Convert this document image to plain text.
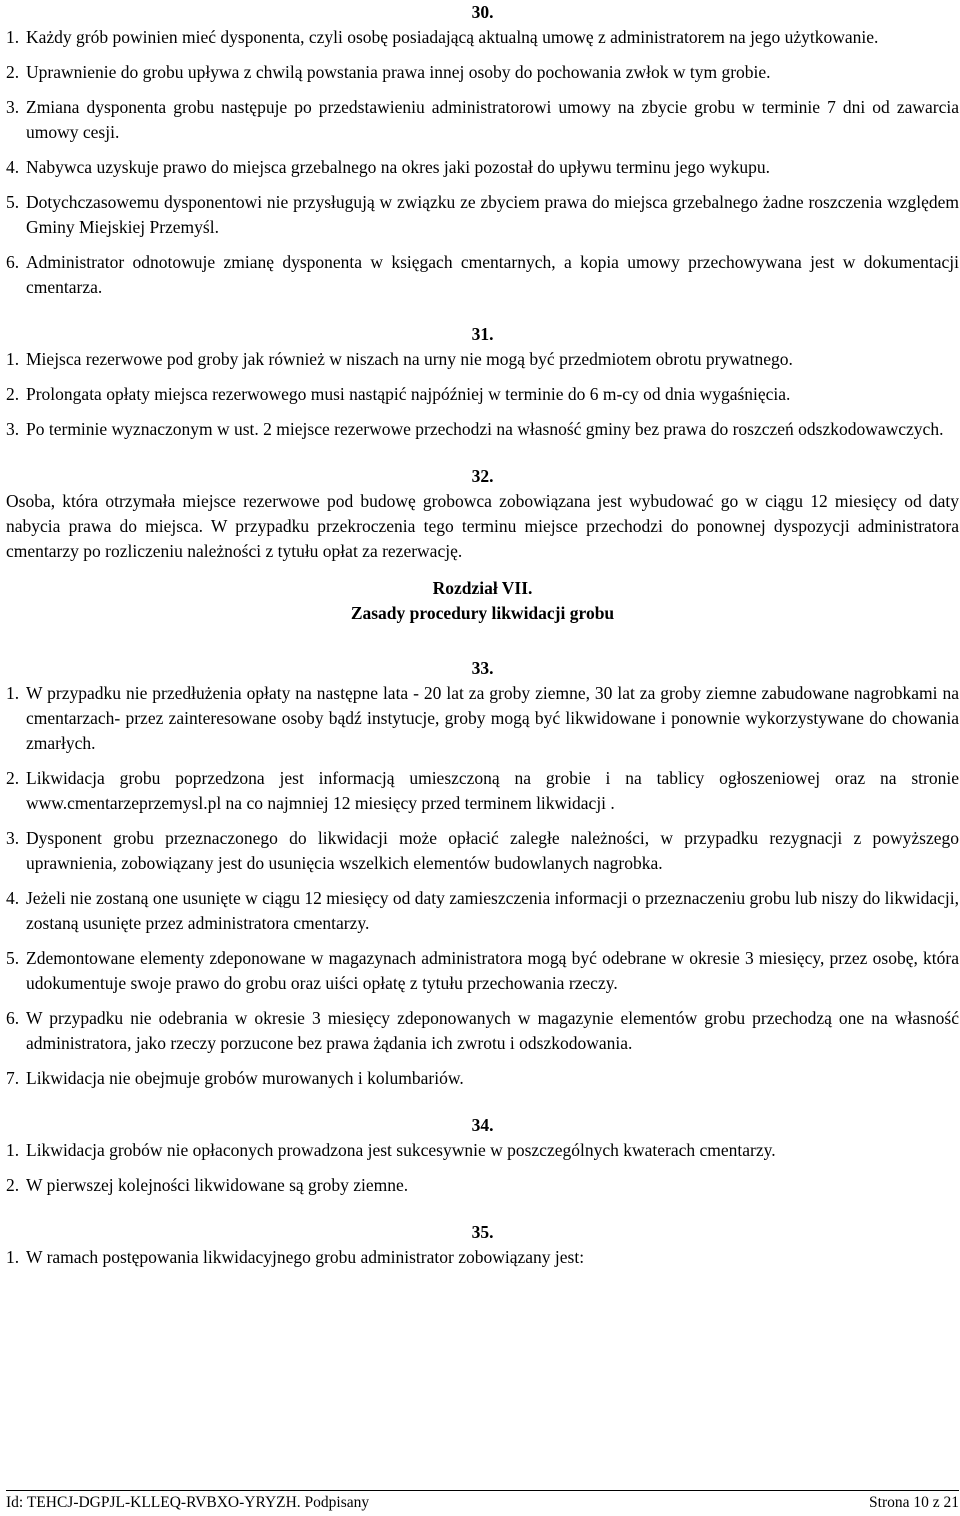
30.

1. Każdy grób powinien mieć dysponenta, czyli osobę posiadającą aktualną umowę z administratorem na jego użytkowanie.
2. Uprawnienie do grobu upływa z chwilą powstania prawa innej osoby do pochowania zwłok w tym grobie.
3. Zmiana dysponenta grobu następuje po przedstawieniu administratorowi umowy na zbycie grobu w terminie 7 dni od zawarcia umowy cesji.
4. Nabywca uzyskuje prawo do miejsca grzebalnego na okres jaki pozostał do upływu terminu jego wykupu.
5. Dotychczasowemu dysponentowi nie przysługują w związku ze zbyciem prawa do miejsca grzebalnego żadne roszczenia względem Gminy Miejskiej Przemyśl.
6. Administrator odnotowuje zmianę dysponenta w księgach cmentarnych, a kopia umowy przechowywana jest w dokumentacji cmentarza.

31.

1. Miejsca rezerwowe pod groby jak również w niszach na urny nie mogą być przedmiotem obrotu prywatnego.
2. Prolongata opłaty miejsca rezerwowego musi nastąpić najpóźniej w terminie do 6 m-cy od dnia wygaśnięcia.
3. Po terminie wyznaczonym w ust. 2 miejsce rezerwowe przechodzi na własność gminy bez prawa do roszczeń odszkodowawczych.

32.

Osoba, która otrzymała miejsce rezerwowe pod budowę grobowca zobowiązana jest wybudować go w ciągu 12 miesięcy od daty nabycia prawa do miejsca. W przypadku przekroczenia tego terminu miejsce przechodzi do ponownej dyspozycji administratora cmentarzy po rozliczeniu należności z tytułu opłat za rezerwację.

Rozdział VII.

Zasady procedury likwidacji grobu

33.

1. W przypadku nie przedłużenia opłaty na następne lata - 20 lat za groby ziemne, 30 lat za groby ziemne zabudowane nagrobkami na cmentarzach- przez zainteresowane osoby bądź instytucje, groby mogą być likwidowane i ponownie wykorzystywane do chowania zmarłych.
2. Likwidacja grobu poprzedzona jest informacją umieszczoną na grobie i na tablicy ogłoszeniowej oraz na stronie www.cmentarzeprzemysl.pl na co najmniej 12 miesięcy przed terminem likwidacji .
3. Dysponent grobu przeznaczonego do likwidacji może opłacić zaległe należności, w przypadku rezygnacji z powyższego uprawnienia, zobowiązany jest do usunięcia wszelkich elementów budowlanych nagrobka.
4. Jeżeli nie zostaną one usunięte w ciągu 12 miesięcy od daty zamieszczenia informacji o przeznaczeniu grobu lub niszy do likwidacji, zostaną usunięte przez administratora cmentarzy.
5. Zdemontowane elementy zdeponowane w magazynach administratora mogą być odebrane w okresie 3 miesięcy, przez osobę, która udokumentuje swoje prawo do grobu oraz uiści opłatę z tytułu przechowania rzeczy.
6. W przypadku nie odebrania w okresie 3 miesięcy zdeponowanych w magazynie elementów grobu przechodzą one na własność administratora, jako rzeczy porzucone bez prawa żądania ich zwrotu i odszkodowania.
7. Likwidacja nie obejmuje grobów murowanych i kolumbariów.

34.

1. Likwidacja grobów nie opłaconych prowadzona jest sukcesywnie w poszczególnych kwaterach cmentarzy.
2. W pierwszej kolejności likwidowane są groby ziemne.

35.

1. W ramach postępowania likwidacyjnego grobu administrator zobowiązany jest:
Id: TEHCJ-DGPJL-KLLEQ-RVBXO-YRYZH. Podpisany	Strona 10 z 21
